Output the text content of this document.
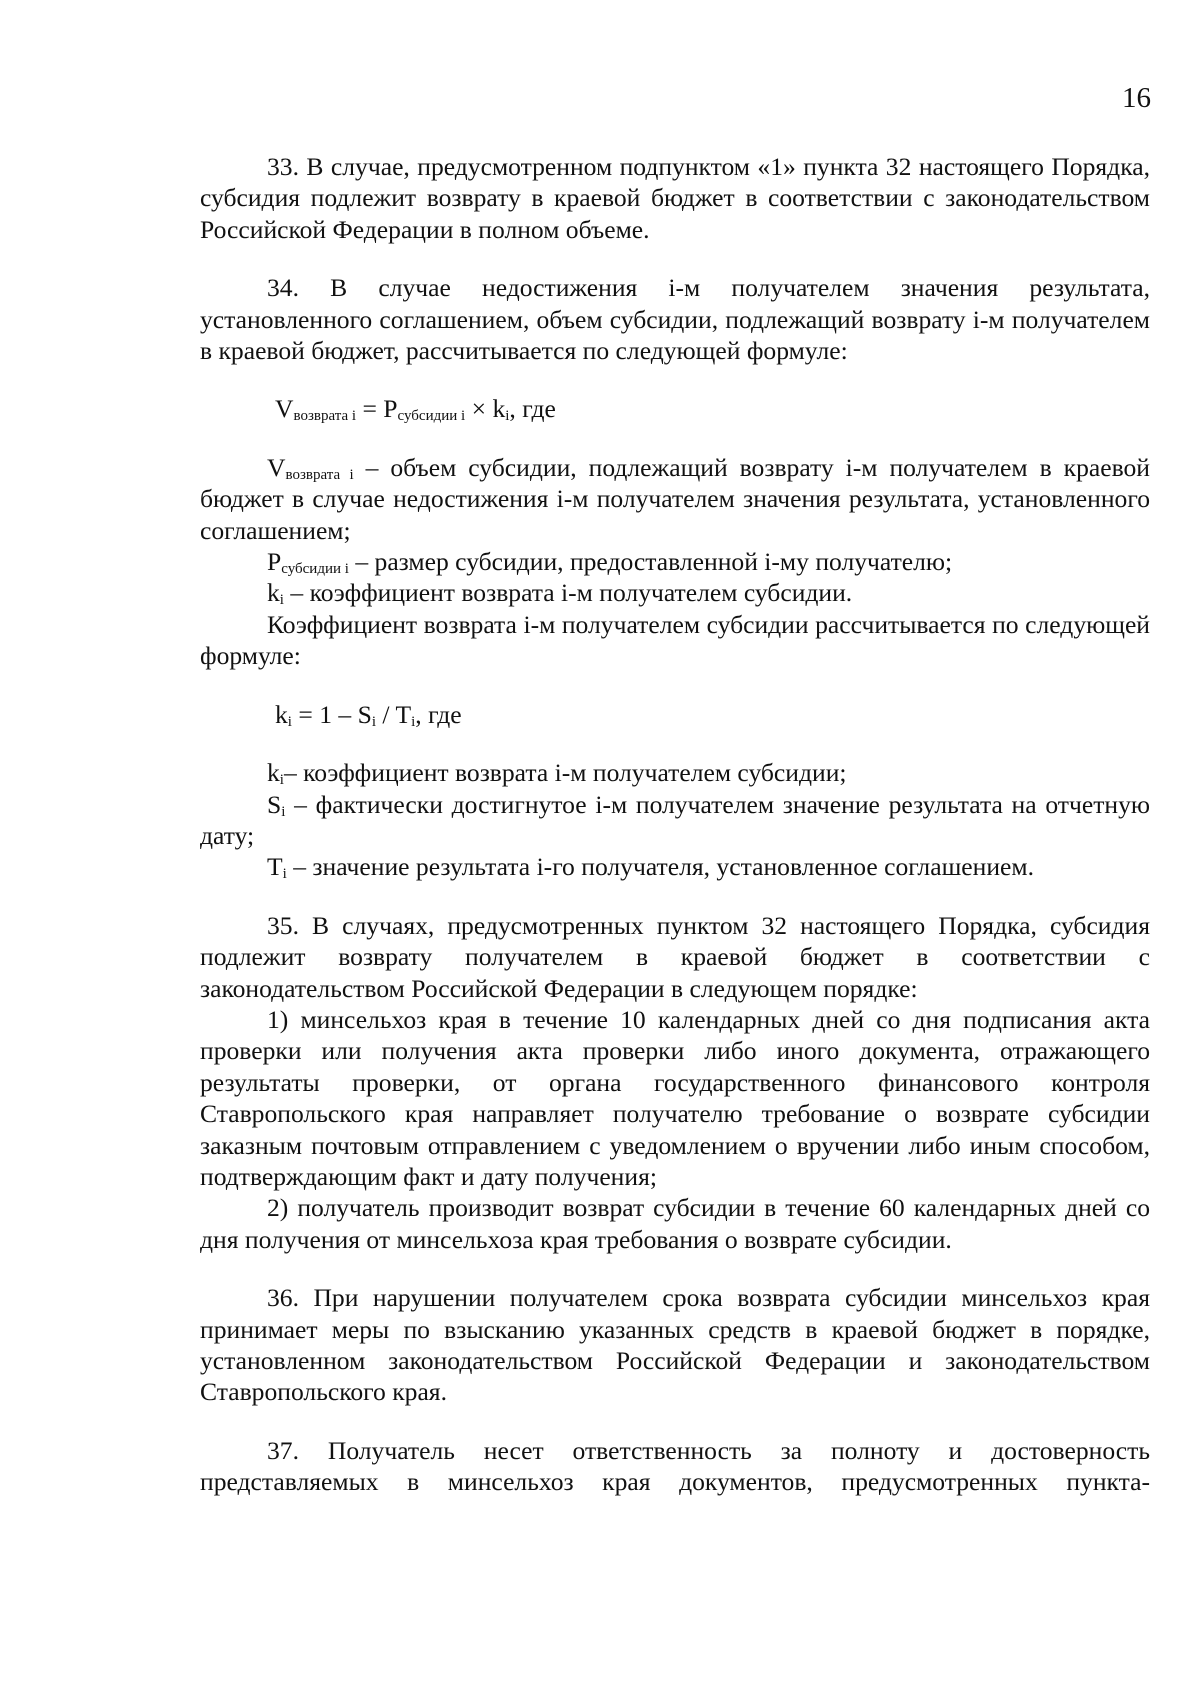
16

33. В случае, предусмотренном подпунктом «1» пункта 32 настоящего Порядка, субсидия подлежит возврату в краевой бюджет в соответствии с законодательством Российской Федерации в полном объеме.

34. В случае недостижения i-м получателем значения результата, установленного соглашением, объем субсидии, подлежащий возврату i-м получателем в краевой бюджет, рассчитывается по следующей формуле:

$V_{возврата i} = P_{субсидии i} \times k_i$, где

$V_{возврата i}$ – объем субсидии, подлежащий возврату i-м получателем в краевой бюджет в случае недостижения i-м получателем значения результата, установленного соглашением;

$P_{субсидии i}$ – размер субсидии, предоставленной i-му получателю;

$k_i$ – коэффициент возврата i-м получателем субсидии.

Коэффициент возврата i-м получателем субсидии рассчитывается по следующей формуле:

$k_i = 1 - S_i / T_i$, где

$k_i-$ коэффициент возврата i-м получателем субсидии;

$S_i$ – фактически достигнутое i-м получателем значение результата на отчетную дату;

$T_i$ – значение результата i-го получателя, установленное соглашением.

35. В случаях, предусмотренных пунктом 32 настоящего Порядка, субсидия подлежит возврату получателем в краевой бюджет в соответствии с законодательством Российской Федерации в следующем порядке:

1) минсельхоз края в течение 10 календарных дней со дня подписания акта проверки или получения акта проверки либо иного документа, отражающего результаты проверки, от органа государственного финансового контроля Ставропольского края направляет получателю требование о возврате субсидии заказным почтовым отправлением с уведомлением о вручении либо иным способом, подтверждающим факт и дату получения;

2) получатель производит возврат субсидии в течение 60 календарных дней со дня получения от минсельхоза края требования о возврате субсидии.

36. При нарушении получателем срока возврата субсидии минсельхоз края принимает меры по взысканию указанных средств в краевой бюджет в порядке, установленном законодательством Российской Федерации и законодательством Ставропольского края.

37. Получатель несет ответственность за полноту и достоверность представляемых в минсельхоз края документов, предусмотренных пункта-
